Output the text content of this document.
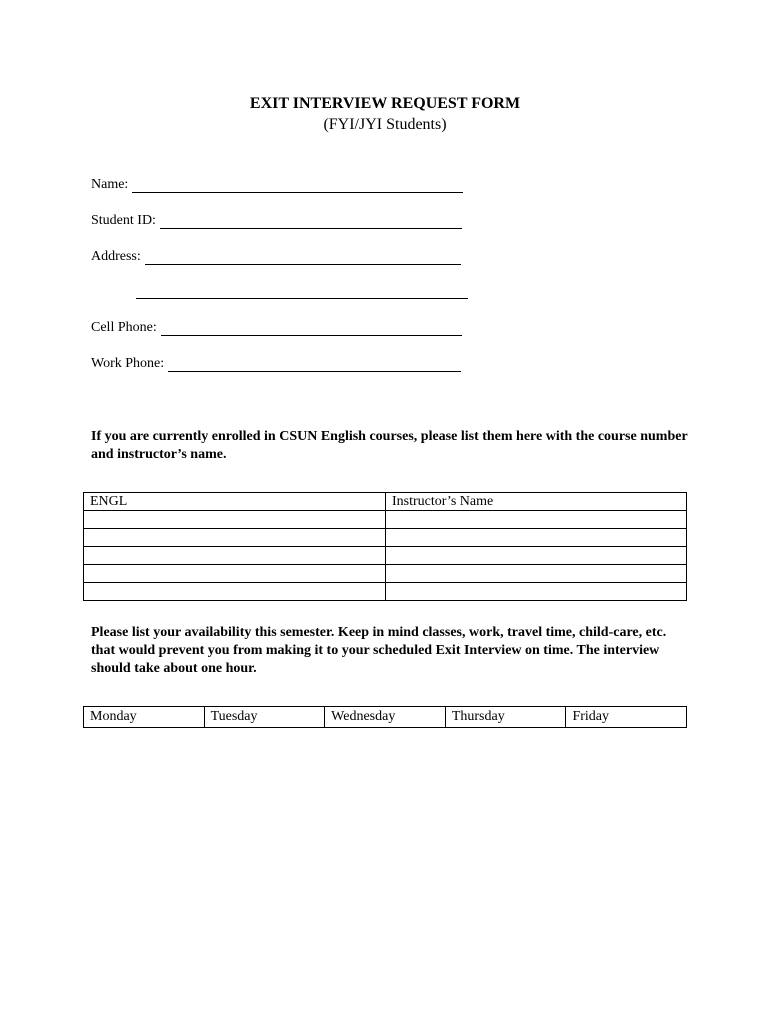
EXIT INTERVIEW REQUEST FORM
(FYI/JYI Students)
Name:
Student ID:
Address:
Cell Phone:
Work Phone:
If you are currently enrolled in CSUN English courses, please list them here with the course number and instructor’s name.
ENGL	Instructor’s Name

Please list your availability this semester. Keep in mind classes, work, travel time, child-care, etc. that would prevent you from making it to your scheduled Exit Interview on time. The interview should take about one hour.
Monday	Tuesday	Wednesday	Thursday	Friday
